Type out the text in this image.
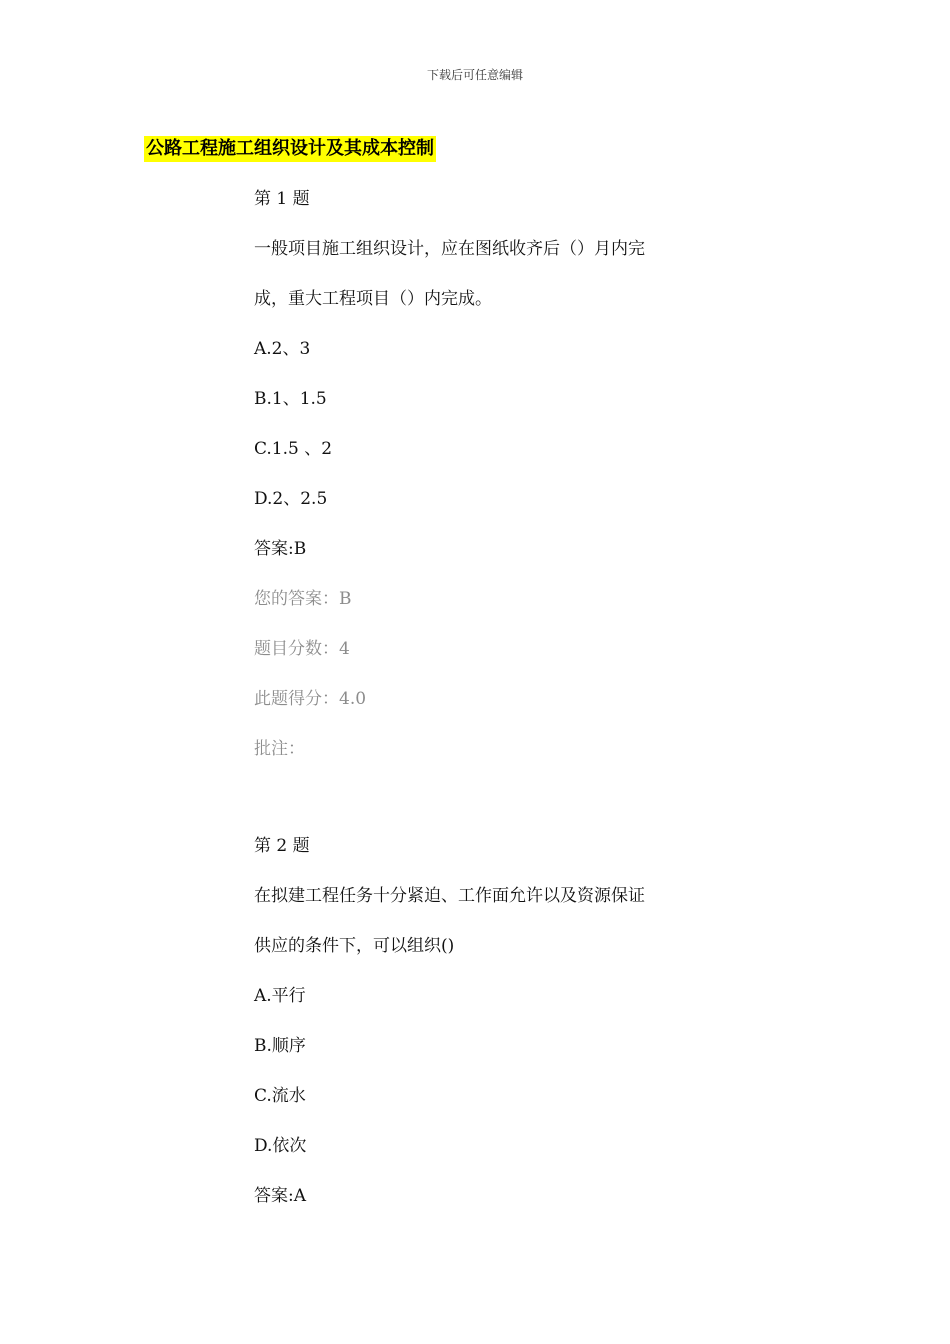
下载后可任意编辑
公路工程施工组织设计及其成本控制
第 1 题
一般项目施工组织设计，应在图纸收齐后（）月内完
成，重大工程项目（）内完成。
A.2、3
B.1、1.5
C.1.5 、2
D.2、2.5
答案:B
您的答案：B
题目分数：4
此题得分：4.0
批注：
第 2 题
在拟建工程任务十分紧迫、工作面允许以及资源保证
供应的条件下，可以组织()
A.平行
B.顺序
C.流水
D.依次
答案:A
